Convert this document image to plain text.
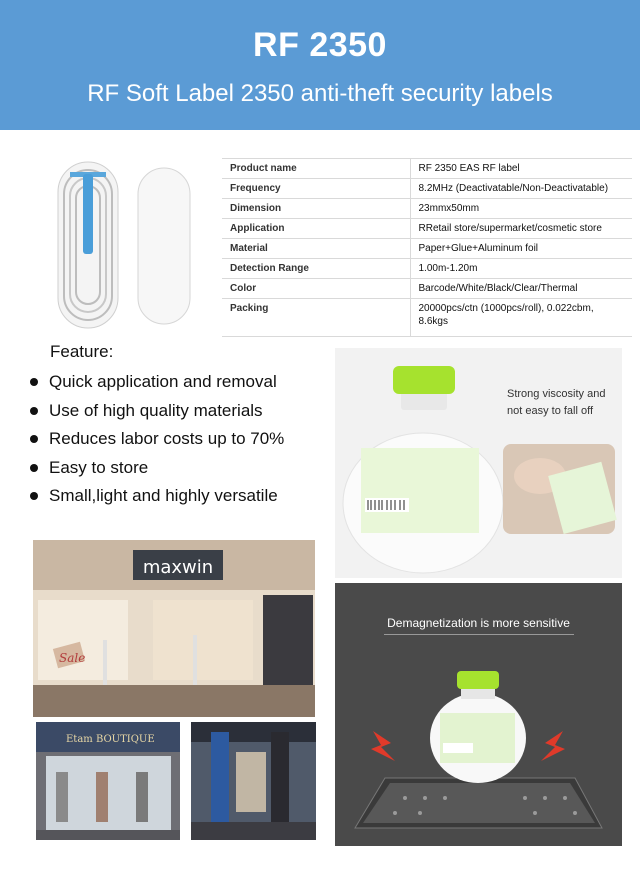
RF 2350
RF Soft Label 2350 anti-theft security labels
Product name	RF 2350 EAS RF label
Frequency	8.2MHz (Deactivatable/Non-Deactivatable)
Dimension	23mmx50mm
Application	RRetail store/supermarket/cosmetic store
Material	Paper+Glue+Aluminum foil
Detection Range	1.00m-1.20m
Color	Barcode/White/Black/Clear/Thermal
Packing	20000pcs/ctn (1000pcs/roll), 0.022cbm, 8.6kgs
Feature:
Quick application and removal
Use of high quality materials
Reduces labor costs up to 70%
Easy to store
Small,light and highly versatile
Strong viscosity and not easy to fall off
maxwin
Sale
Etam BOUTIQUE
Demagnetization is more sensitive
